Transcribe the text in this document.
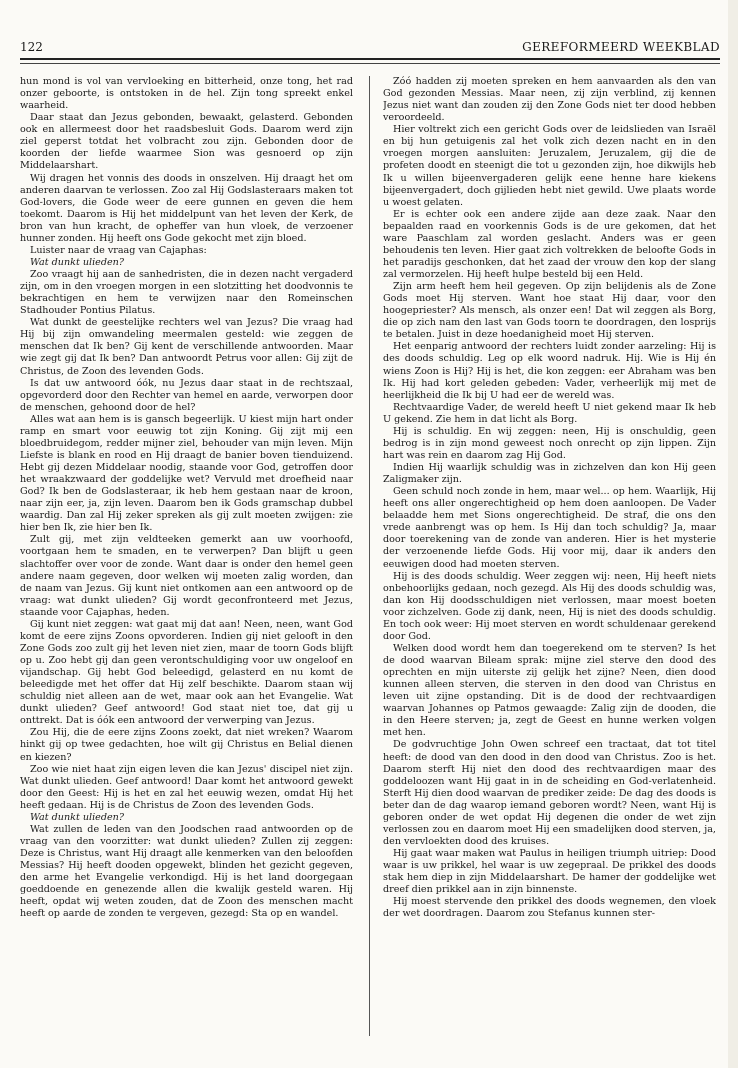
122	GEREFORMEERD WEEKBLAD

hun mond is vol van vervloeking en bitterheid, onze tong, het rad onzer geboorte, is ontstoken in de hel. Zijn tong spreekt enkel waarheid.

Daar staat dan Jezus gebonden, bewaakt, gelasterd. Gebonden ook en allermeest door het raadsbesluit Gods. Daarom werd zijn ziel geperst totdat het volbracht zou zijn. Gebonden door de koorden der liefde waarmee Sion was gesnoerd op zijn Middelaarshart.

Wij dragen het vonnis des doods in onszelven. Hij draagt het om anderen daarvan te verlossen. Zoo zal Hij Godslasteraars maken tot God-lovers, die Gode weer de eere gunnen en geven die hem toekomt. Daarom is Hij het middelpunt van het leven der Kerk, de bron van hun kracht, de opheffer van hun vloek, de verzoener hunner zonden. Hij heeft ons Gode gekocht met zijn bloed.

Luister naar de vraag van Cajaphas:

Wat dunkt ulieden?

Zoo vraagt hij aan de sanhedristen, die in dezen nacht vergaderd zijn, om in den vroegen morgen in een slotzitting het doodvonnis te bekrachtigen en hem te verwijzen naar den Romeinschen Stadhouder Pontius Pilatus.

Wat dunkt de geestelijke rechters wel van Jezus? Die vraag had Hij bij zijn omwandeling meermalen gesteld: wie zeggen de menschen dat Ik ben? Gij kent de verschillende antwoorden. Maar wie zegt gij dat Ik ben? Dan antwoordt Petrus voor allen: Gij zijt de Christus, de Zoon des levenden Gods.

Is dat uw antwoord óók, nu Jezus daar staat in de rechtszaal, opgevorderd door den Rechter van hemel en aarde, verworpen door de menschen, gehoond door de hel?

Alles wat aan hem is is gansch begeerlijk. U kiest mijn hart onder ramp en smart voor eeuwig tot zijn Koning. Gij zijt mij een bloedbruidegom, redder mijner ziel, behouder van mijn leven. Mijn Liefste is blank en rood en Hij draagt de banier boven tienduizend. Hebt gij dezen Middelaar noodig, staande voor God, getroffen door het wraakzwaard der goddelijke wet? Vervuld met droefheid naar God? Ik ben de Godslasteraar, ik heb hem gestaan naar de kroon, naar zijn eer, ja, zijn leven. Daarom ben ik Gods gramschap dubbel waardig. Dan zal Hij zeker spreken als gij zult moeten zwijgen: zie hier ben Ik, zie hier ben Ik.

Zult gij, met zijn veldteeken gemerkt aan uw voorhoofd, voortgaan hem te smaden, en te verwerpen? Dan blijft u geen slachtoffer over voor de zonde. Want daar is onder den hemel geen andere naam gegeven, door welken wij moeten zalig worden, dan de naam van Jezus. Gij kunt niet ontkomen aan een antwoord op de vraag: wat dunkt ulieden? Gij wordt geconfronteerd met Jezus, staande voor Cajaphas, heden.

Gij kunt niet zeggen: wat gaat mij dat aan! Neen, neen, want God komt de eere zijns Zoons opvorderen. Indien gij niet gelooft in den Zone Gods zoo zult gij het leven niet zien, maar de toorn Gods blijft op u. Zoo hebt gij dan geen verontschuldiging voor uw ongeloof en vijandschap. Gij hebt God beleedigd, gelasterd en nu komt de beleedigde met het offer dat Hij zelf beschikte. Daarom staan wij schuldig niet alleen aan de wet, maar ook aan het Evangelie. Wat dunkt ulieden? Geef antwoord! God staat niet toe, dat gij u onttrekt. Dat is óók een antwoord der verwerping van Jezus.

Zou Hij, die de eere zijns Zoons zoekt, dat niet wreken? Waarom hinkt gij op twee gedachten, hoe wilt gij Christus en Belial dienen en kiezen?

Zoo wie niet haat zijn eigen leven die kan Jezus' discipel niet zijn. Wat dunkt ulieden. Geef antwoord! Daar komt het antwoord gewekt door den Geest: Hij is het en zal het eeuwig wezen, omdat Hij het heeft gedaan. Hij is de Christus de Zoon des levenden Gods.

Wat dunkt ulieden?

Wat zullen de leden van den Joodschen raad antwoorden op de vraag van den voorzitter: wat dunkt ulieden? Zullen zij zeggen: Deze is Christus, want Hij draagt alle kenmerken van den beloofden Messias? Hij heeft dooden opgewekt, blinden het gezicht gegeven, den arme het Evangelie verkondigd. Hij is het land doorgegaan goeddoende en genezende allen die kwalijk gesteld waren. Hij heeft, opdat wij weten zouden, dat de Zoon des menschen macht heeft op aarde de zonden te vergeven, gezegd: Sta op en wandel.

Zóó hadden zij moeten spreken en hem aanvaarden als den van God gezonden Messias. Maar neen, zij zijn verblind, zij kennen Jezus niet want dan zouden zij den Zone Gods niet ter dood hebben veroordeeld.

Hier voltrekt zich een gericht Gods over de leidslieden van Israël en bij hun getuigenis zal het volk zich dezen nacht en in den vroegen morgen aansluiten: Jeruzalem, Jeruzalem, gij die de profeten doodt en steenigt die tot u gezonden zijn, hoe dikwijls heb Ik u willen bijeenvergaderen gelijk eene henne hare kiekens bijeenvergadert, doch gijlieden hebt niet gewild. Uwe plaats worde u woest gelaten.

Er is echter ook een andere zijde aan deze zaak. Naar den bepaalden raad en voorkennis Gods is de ure gekomen, dat het ware Paaschlam zal worden geslacht. Anders was er geen behoudenis ten leven. Hier gaat zich voltrekken de beloofte Gods in het paradijs geschonken, dat het zaad der vrouw den kop der slang zal vermorzelen. Hij heeft hulpe besteld bij een Held.

Zijn arm heeft hem heil gegeven. Op zijn belijdenis als de Zone Gods moet Hij sterven. Want hoe staat Hij daar, voor den hoogepriester? Als mensch, als onzer een! Dat wil zeggen als Borg, die op zich nam den last van Gods toorn te doordragen, den losprijs te betalen. Juist in deze hoedanigheid moet Hij sterven.

Het eenparig antwoord der rechters luidt zonder aarzeling: Hij is des doods schuldig. Leg op elk woord nadruk. Hij. Wie is Hij én wiens Zoon is Hij? Hij is het, die kon zeggen: eer Abraham was ben Ik. Hij had kort geleden gebeden: Vader, verheerlijk mij met de heerlijkheid die Ik bij U had eer de wereld was.

Rechtvaardige Vader, de wereld heeft U niet gekend maar Ik heb U gekend. Zie hem in dat licht als Borg.

Hij is schuldig. En wij zeggen: neen, Hij is onschuldig, geen bedrog is in zijn mond geweest noch onrecht op zijn lippen. Zijn hart was rein en daarom zag Hij God.

Indien Hij waarlijk schuldig was in zichzelven dan kon Hij geen Zaligmaker zijn.

Geen schuld noch zonde in hem, maar wel... op hem. Waarlijk, Hij heeft ons aller ongerechtigheid op hem doen aanloopen. De Vader belaadde hem met Sions ongerechtigheid. De straf, die ons den vrede aanbrengt was op hem. Is Hij dan toch schuldig? Ja, maar door toerekening van de zonde van anderen. Hier is het mysterie der verzoenende liefde Gods. Hij voor mij, daar ik anders den eeuwigen dood had moeten sterven.

Hij is des doods schuldig. Weer zeggen wij: neen, Hij heeft niets onbehoorlijks gedaan, noch gezegd. Als Hij des doods schuldig was, dan kon Hij doodsschuldigen niet verlossen, maar moest boeten voor zichzelven. Gode zij dank, neen, Hij is niet des doods schuldig. En toch ook weer: Hij moet sterven en wordt schuldenaar gerekend door God.

Welken dood wordt hem dan toegerekend om te sterven? Is het de dood waarvan Bileam sprak: mijne ziel sterve den dood des oprechten en mijn uiterste zij gelijk het zijne? Neen, dien dood kunnen alleen sterven, die sterven in den dood van Christus en leven uit zijne opstanding. Dit is de dood der rechtvaardigen waarvan Johannes op Patmos gewaagde: Zalig zijn de dooden, die in den Heere sterven; ja, zegt de Geest en hunne werken volgen met hen.

De godvruchtige John Owen schreef een tractaat, dat tot titel heeft: de dood van den dood in den dood van Christus. Zoo is het. Daarom sterft Hij niet den dood des rechtvaardigen maar des goddeloozen want Hij gaat in in de scheiding en God-verlatenheid. Sterft Hij dien dood waarvan de prediker zeide: De dag des doods is beter dan de dag waarop iemand geboren wordt? Neen, want Hij is geboren onder de wet opdat Hij degenen die onder de wet zijn verlossen zou en daarom moet Hij een smadelijken dood sterven, ja, den vervloekten dood des kruises.

Hij gaat waar maken wat Paulus in heiligen triumph uitriep: Dood waar is uw prikkel, hel waar is uw zegepraal. De prikkel des doods stak hem diep in zijn Middelaarshart. De hamer der goddelijke wet dreef dien prikkel aan in zijn binnenste.

Hij moest stervende den prikkel des doods wegnemen, den vloek der wet doordragen. Daarom zou Stefanus kunnen ster-
